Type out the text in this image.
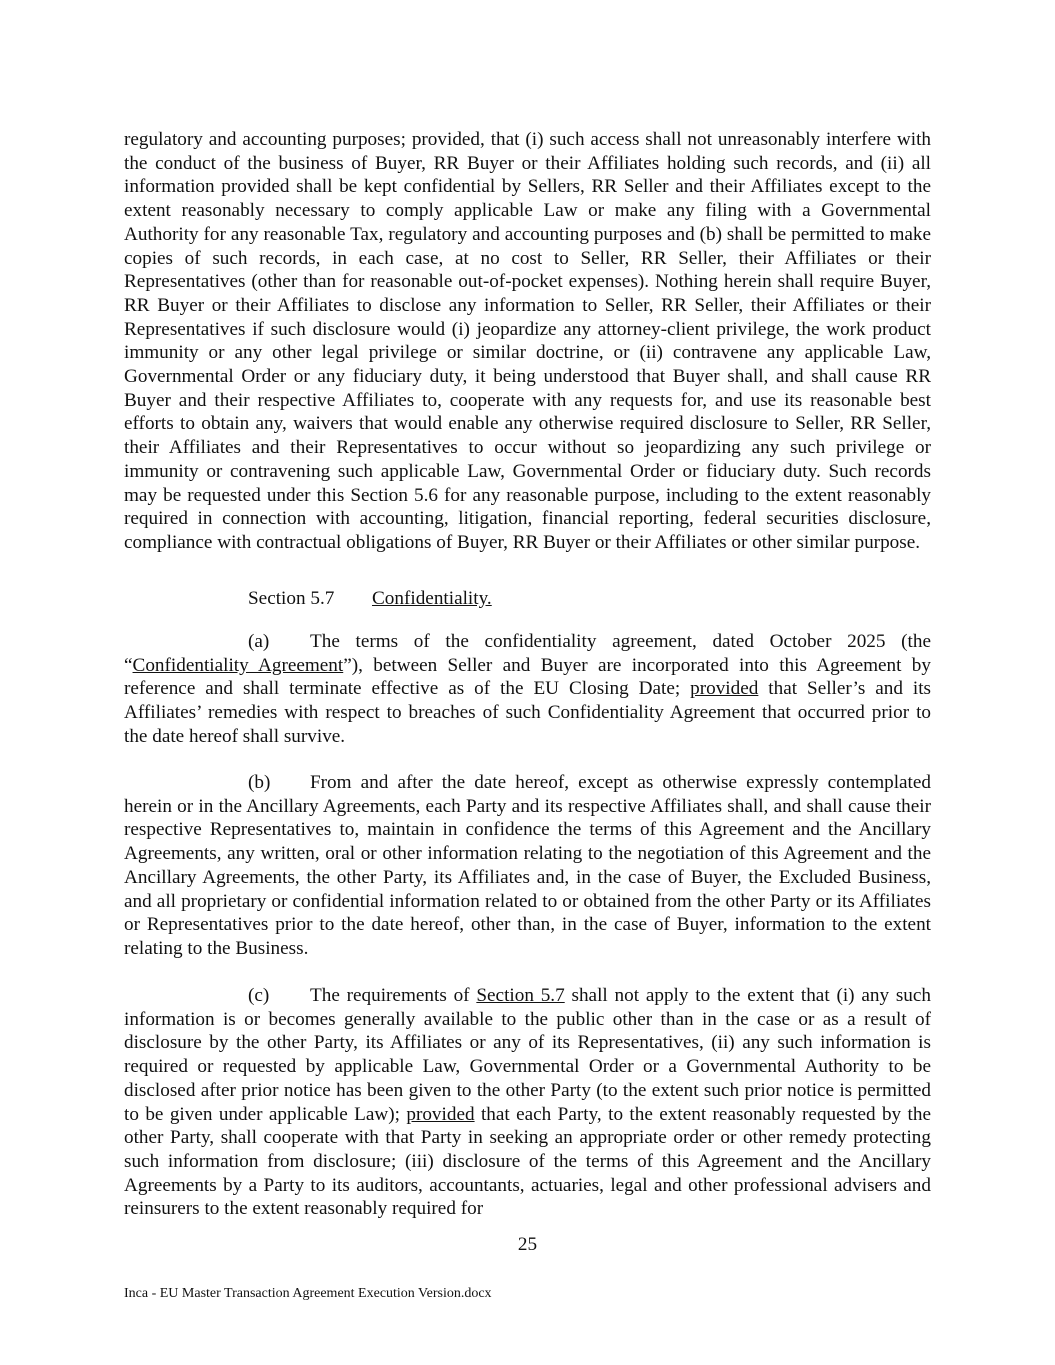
regulatory and accounting purposes; provided, that (i) such access shall not unreasonably interfere with the conduct of the business of Buyer, RR Buyer or their Affiliates holding such records, and (ii) all information provided shall be kept confidential by Sellers, RR Seller and their Affiliates except to the extent reasonably necessary to comply applicable Law or make any filing with a Governmental Authority for any reasonable Tax, regulatory and accounting purposes and (b) shall be permitted to make copies of such records, in each case, at no cost to Seller, RR Seller, their Affiliates or their Representatives (other than for reasonable out-of-pocket expenses). Nothing herein shall require Buyer, RR Buyer or their Affiliates to disclose any information to Seller, RR Seller, their Affiliates or their Representatives if such disclosure would (i) jeopardize any attorney-client privilege, the work product immunity or any other legal privilege or similar doctrine, or (ii) contravene any applicable Law, Governmental Order or any fiduciary duty, it being understood that Buyer shall, and shall cause RR Buyer and their respective Affiliates to, cooperate with any requests for, and use its reasonable best efforts to obtain any, waivers that would enable any otherwise required disclosure to Seller, RR Seller, their Affiliates and their Representatives to occur without so jeopardizing any such privilege or immunity or contravening such applicable Law, Governmental Order or fiduciary duty. Such records may be requested under this Section 5.6 for any reasonable purpose, including to the extent reasonably required in connection with accounting, litigation, financial reporting, federal securities disclosure, compliance with contractual obligations of Buyer, RR Buyer or their Affiliates or other similar purpose.

Section 5.7 Confidentiality.

(a) The terms of the confidentiality agreement, dated October 2025 (the “Confidentiality Agreement”), between Seller and Buyer are incorporated into this Agreement by reference and shall terminate effective as of the EU Closing Date; provided that Seller’s and its Affiliates’ remedies with respect to breaches of such Confidentiality Agreement that occurred prior to the date hereof shall survive.

(b) From and after the date hereof, except as otherwise expressly contemplated herein or in the Ancillary Agreements, each Party and its respective Affiliates shall, and shall cause their respective Representatives to, maintain in confidence the terms of this Agreement and the Ancillary Agreements, any written, oral or other information relating to the negotiation of this Agreement and the Ancillary Agreements, the other Party, its Affiliates and, in the case of Buyer, the Excluded Business, and all proprietary or confidential information related to or obtained from the other Party or its Affiliates or Representatives prior to the date hereof, other than, in the case of Buyer, information to the extent relating to the Business.

(c) The requirements of Section 5.7 shall not apply to the extent that (i) any such information is or becomes generally available to the public other than in the case or as a result of disclosure by the other Party, its Affiliates or any of its Representatives, (ii) any such information is required or requested by applicable Law, Governmental Order or a Governmental Authority to be disclosed after prior notice has been given to the other Party (to the extent such prior notice is permitted to be given under applicable Law); provided that each Party, to the extent reasonably requested by the other Party, shall cooperate with that Party in seeking an appropriate order or other remedy protecting such information from disclosure; (iii) disclosure of the terms of this Agreement and the Ancillary Agreements by a Party to its auditors, accountants, actuaries, legal and other professional advisers and reinsurers to the extent reasonably required for

25
Inca - EU Master Transaction Agreement Execution Version.docx
